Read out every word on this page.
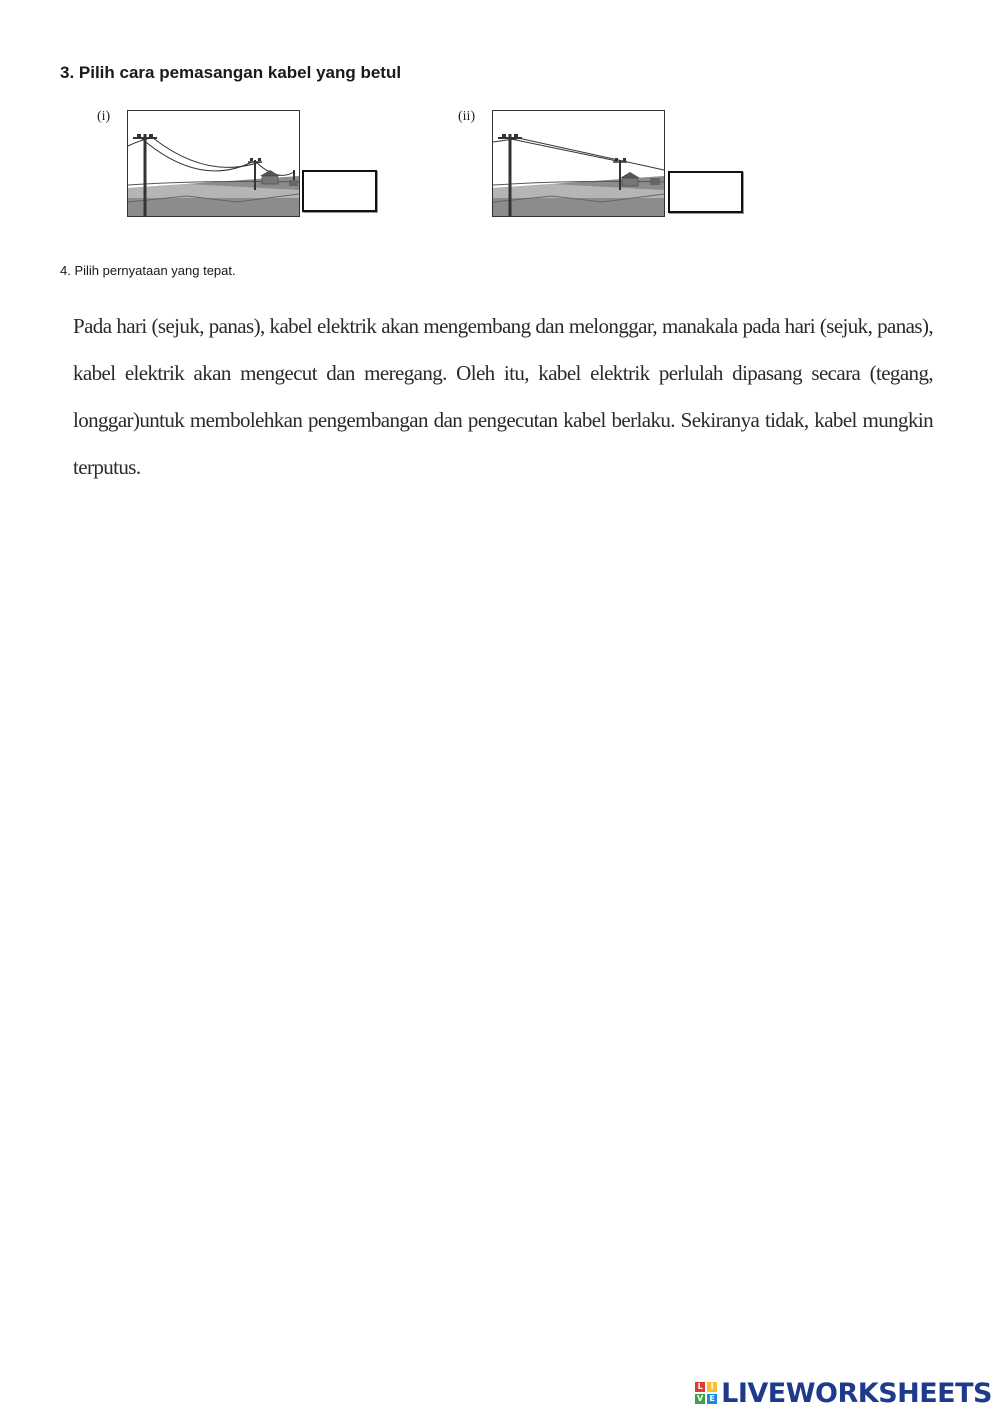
3. Pilih cara pemasangan kabel yang betul
(i)	(ii)
4. Pilih pernyataan yang tepat.
Pada hari (sejuk, panas), kabel elektrik akan mengembang dan melonggar, manakala pada hari (sejuk, panas), kabel elektrik akan mengecut dan meregang. Oleh itu, kabel elektrik perlulah dipasang secara (tegang, longgar)untuk membolehkan pengembangan dan pengecutan kabel berlaku. Sekiranya tidak, kabel mungkin terputus.
L I
V E LIVEWORKSHEETS
